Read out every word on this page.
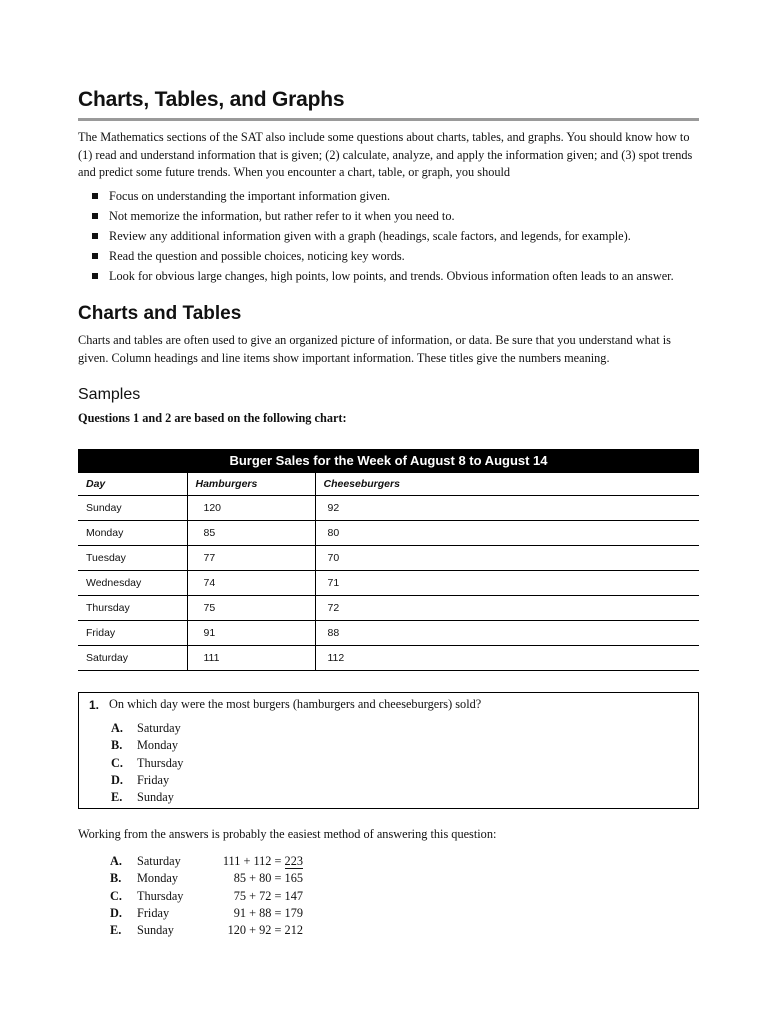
Charts, Tables, and Graphs

The Mathematics sections of the SAT also include some questions about charts, tables, and graphs. You should know how to (1) read and understand information that is given; (2) calculate, analyze, and apply the information given; and (3) spot trends and predict some future trends. When you encounter a chart, table, or graph, you should

Focus on understanding the important information given.
Not memorize the information, but rather refer to it when you need to.
Review any additional information given with a graph (headings, scale factors, and legends, for example).
Read the question and possible choices, noticing key words.
Look for obvious large changes, high points, low points, and trends. Obvious information often leads to an answer.
Charts and Tables

Charts and tables are often used to give an organized picture of information, or data. Be sure that you understand what is given. Column headings and line items show important information. These titles give the numbers meaning.

Samples

Questions 1 and 2 are based on the following chart:

Burger Sales for the Week of August 8 to August 14
Day	Hamburgers	Cheeseburgers
Sunday	120	92
Monday	85	80
Tuesday	77	70
Wednesday	74	71
Thursday	75	72
Friday	91	88
Saturday	111	112
1. On which day were the most burgers (hamburgers and cheeseburgers) sold?
A. Saturday
B. Monday
C. Thursday
D. Friday
E. Sunday

Working from the answers is probably the easiest method of answering this question:

A. Saturday	111 + 112 = 223
B. Monday	85 + 80 = 165
C. Thursday	75 + 72 = 147
D. Friday	91 + 88 = 179
E. Sunday	120 + 92 = 212
